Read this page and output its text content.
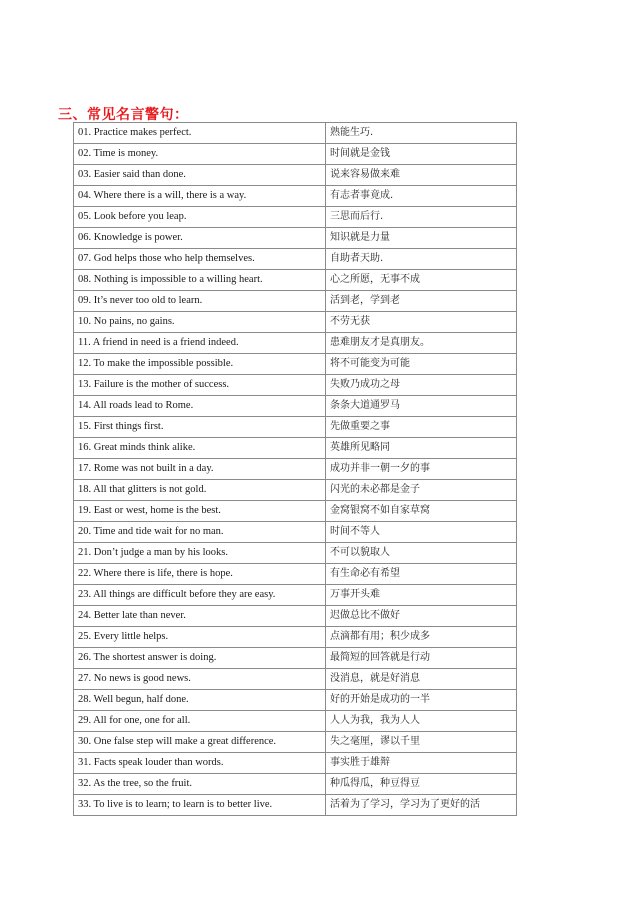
三、常见名言警句：
01. Practice makes perfect.	熟能生巧.
02. Time is money.	时间就是金钱
03. Easier said than done.	说来容易做来难
04. Where there is a will, there is a way.	有志者事竟成.
05. Look before you leap.	三思而后行.
06. Knowledge is power.	知识就是力量
07. God helps those who help themselves.	自助者天助.
08. Nothing is impossible to a willing heart.	心之所愿，无事不成
09. It’s never too old to learn.	活到老，学到老
10. No pains, no gains.	不劳无获
11. A friend in need is a friend indeed.	患难朋友才是真朋友。
12. To make the impossible possible.	将不可能变为可能
13. Failure is the mother of success.	失败乃成功之母
14. All roads lead to Rome.	条条大道通罗马
15. First things first.	先做重要之事
16. Great minds think alike.	英雄所见略同
17. Rome was not built in a day.	成功并非一朝一夕的事
18. All that glitters is not gold.	闪光的未必都是金子
19. East or west, home is the best.	金窝银窝不如自家草窝
20. Time and tide wait for no man.	时间不等人
21. Don’t judge a man by his looks.	不可以貌取人
22. Where there is life, there is hope.	有生命必有希望
23. All things are difficult before they are easy.	万事开头难
24. Better late than never.	迟做总比不做好
25. Every little helps.	点滴都有用；积少成多
26. The shortest answer is doing.	最简短的回答就是行动
27. No news is good news.	没消息，就是好消息
28. Well begun, half done.	好的开始是成功的一半
29. All for one, one for all.	人人为我，我为人人
30. One false step will make a great difference.	失之毫厘，谬以千里
31. Facts speak louder than words.	事实胜于雄辩
32. As the tree, so the fruit.	种瓜得瓜，种豆得豆
33. To live is to learn; to learn is to better live.	活着为了学习，学习为了更好的活
